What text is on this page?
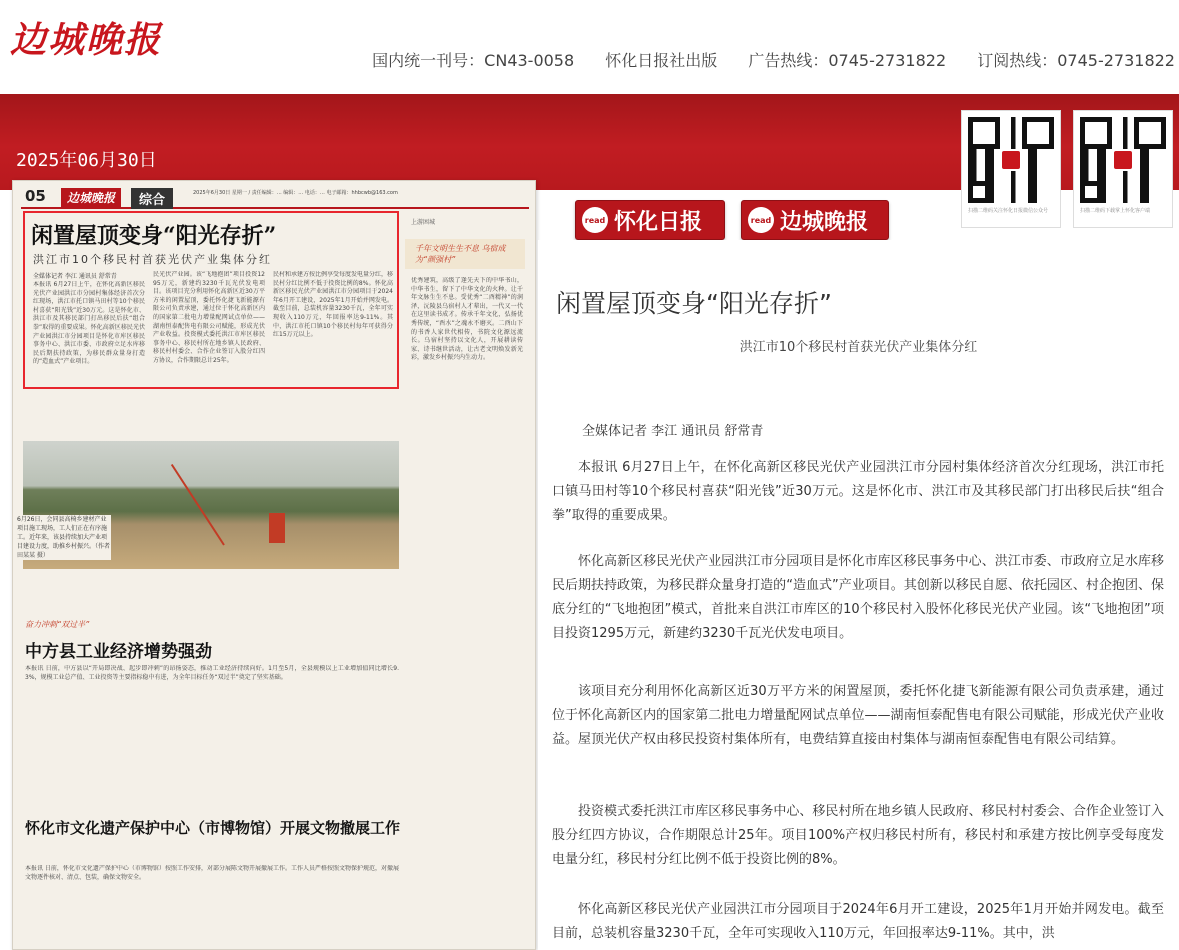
边城晚报	国内统一刊号：CN43-0058 怀化日报社出版 广告热线：0745-2731822 订阅热线：0745-2731822
2025年06月30日
扫描二维码关注怀化日报微信公众号	扫描二维码下载掌上怀化客户端
read 怀化日报	read 边城晚报
05	边城晚报	综合	2025年6月30日 星期一 / 责任编辑：… 编辑：… 电话：… 电子邮箱：hhbcwb@163.com
闲置屋顶变身“阳光存折”
洪江市10个移民村首获光伏产业集体分红
全媒体记者 李江 通讯员 舒常青
本报讯 6月27日上午，在怀化高新区移民光伏产业园洪江市分园村集体经济首次分红现场，洪江市托口镇马田村等10个移民村喜获“阳光钱”近30万元。这是怀化市、洪江市及其移民部门打出移民后扶“组合拳”取得的重要成果。怀化高新区移民光伏产业园洪江市分园项目是怀化市库区移民事务中心、洪江市委、市政府立足水库移民后期扶持政策，为移民群众量身打造的“造血式”产业项目。
民光伏产业园。该“飞地抱团”项目投资1295万元，新建约3230千瓦光伏发电项目。该项目充分利用怀化高新区近30万平方米的闲置屋顶，委托怀化捷飞新能源有限公司负责承建，通过位于怀化高新区内的国家第二批电力增量配网试点单位——湖南恒泰配售电有限公司赋能，形成光伏产业收益。投资模式委托洪江市库区移民事务中心、移民村所在地乡镇人民政府、移民村村委会、合作企业签订入股分红四方协议，合作期限总计25年。
民村和承建方按比例享受每度发电量分红，移民村分红比例不低于投资比例的8%。怀化高新区移民光伏产业园洪江市分园项目于2024年6月开工建设，2025年1月开始并网发电。截至目前，总装机容量3230千瓦，全年可实现收入110万元，年回报率达9-11%。其中，洪江市托口镇10个移民村每年可获得分红15万元以上。
6月26日，会同县高椅乡建材产业项目施工现场，工人们正在有序施工。近年来，该县持续加大产业项目建设力度，助推乡村振兴。（作者 田某某 摄）
上游困城
千年文明生生不息 乌宿成为“颜强村”
优秀建筑，高级了逢先天下的中华书山，中华书生，留下了中华文化的火种。让千年文脉生生不息。受优秀“二酉精神”的润泽，沅陵县乌宿村人才辈出，一代又一代在这里读书成才。传承千年文化，弘扬优秀传统，“酉水”之魂永不磨灭。二酉山下的书香人家世代相传，书院文化源远流长。乌宿村坚持以文化人，开展耕读传家、诗书继世活动，让古老文明焕发新光彩，激发乡村振兴内生动力。
奋力冲刺“双过半”
中方县工业经济增势强劲
本报讯 日前，中方县以“开局即决战、起步即冲刺”的昂扬姿态，推动工业经济持续向好。1月至5月，全县规模以上工业增加值同比增长9.3%，规模工业总产值、工业投资等主要指标稳中有进，为全年目标任务“双过半”奠定了坚实基础。
怀化市文化遗产保护中心（市博物馆）开展文物撤展工作
本报讯 日前，怀化市文化遗产保护中心（市博物馆）按照工作安排，对部分展陈文物开展撤展工作。工作人员严格按照文物保护规范，对撤展文物逐件核对、清点、包装，确保文物安全。
闲置屋顶变身“阳光存折”
洪江市10个移民村首获光伏产业集体分红
全媒体记者 李江 通讯员 舒常青

本报讯 6月27日上午，在怀化高新区移民光伏产业园洪江市分园村集体经济首次分红现场，洪江市托口镇马田村等10个移民村喜获“阳光钱”近30万元。这是怀化市、洪江市及其移民部门打出移民后扶“组合拳”取得的重要成果。

怀化高新区移民光伏产业园洪江市分园项目是怀化市库区移民事务中心、洪江市委、市政府立足水库移民后期扶持政策，为移民群众量身打造的“造血式”产业项目。其创新以移民自愿、依托园区、村企抱团、保底分红的“飞地抱团”模式，首批来自洪江市库区的10个移民村入股怀化移民光伏产业园。该“飞地抱团”项目投资1295万元，新建约3230千瓦光伏发电项目。

该项目充分利用怀化高新区近30万平方米的闲置屋顶，委托怀化捷飞新能源有限公司负责承建，通过位于怀化高新区内的国家第二批电力增量配网试点单位——湖南恒泰配售电有限公司赋能，形成光伏产业收益。屋顶光伏产权由移民投资村集体所有，电费结算直接由村集体与湖南恒泰配售电有限公司结算。

投资模式委托洪江市库区移民事务中心、移民村所在地乡镇人民政府、移民村村委会、合作企业签订入股分红四方协议，合作期限总计25年。项目100%产权归移民村所有，移民村和承建方按比例享受每度发电量分红，移民村分红比例不低于投资比例的8%。

怀化高新区移民光伏产业园洪江市分园项目于2024年6月开工建设，2025年1月开始并网发电。截至目前，总装机容量3230千瓦，全年可实现收入110万元，年回报率达9-11%。其中，洪
